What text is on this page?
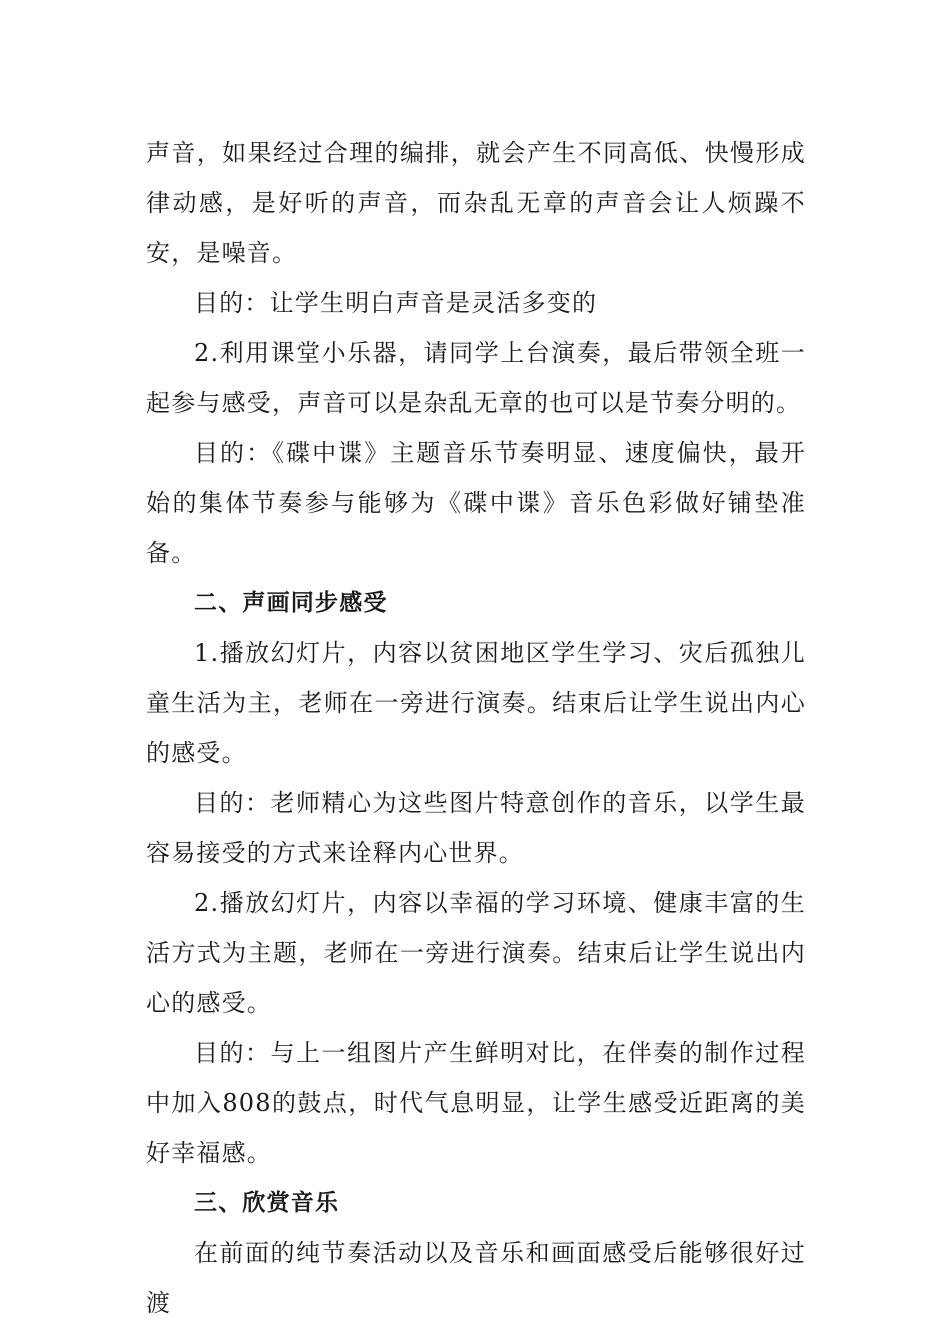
声音，如果经过合理的编排，就会产生不同高低、快慢形成律动感，是好听的声音，而杂乱无章的声音会让人烦躁不安，是噪音。

目的：让学生明白声音是灵活多变的

2.利用课堂小乐器，请同学上台演奏，最后带领全班一起参与感受，声音可以是杂乱无章的也可以是节奏分明的。

目的：《碟中谍》主题音乐节奏明显、速度偏快，最开始的集体节奏参与能够为《碟中谍》音乐色彩做好铺垫准备。

二、声画同步感受

1.播放幻灯片，内容以贫困地区学生学习、灾后孤独儿童生活为主，老师在一旁进行演奏。结束后让学生说出内心的感受。

目的：老师精心为这些图片特意创作的音乐，以学生最容易接受的方式来诠释内心世界。

2.播放幻灯片，内容以幸福的学习环境、健康丰富的生活方式为主题，老师在一旁进行演奏。结束后让学生说出内心的感受。

目的：与上一组图片产生鲜明对比，在伴奏的制作过程中加入808的鼓点，时代气息明显，让学生感受近距离的美好幸福感。

三、欣赏音乐

在前面的纯节奏活动以及音乐和画面感受后能够很好过渡
